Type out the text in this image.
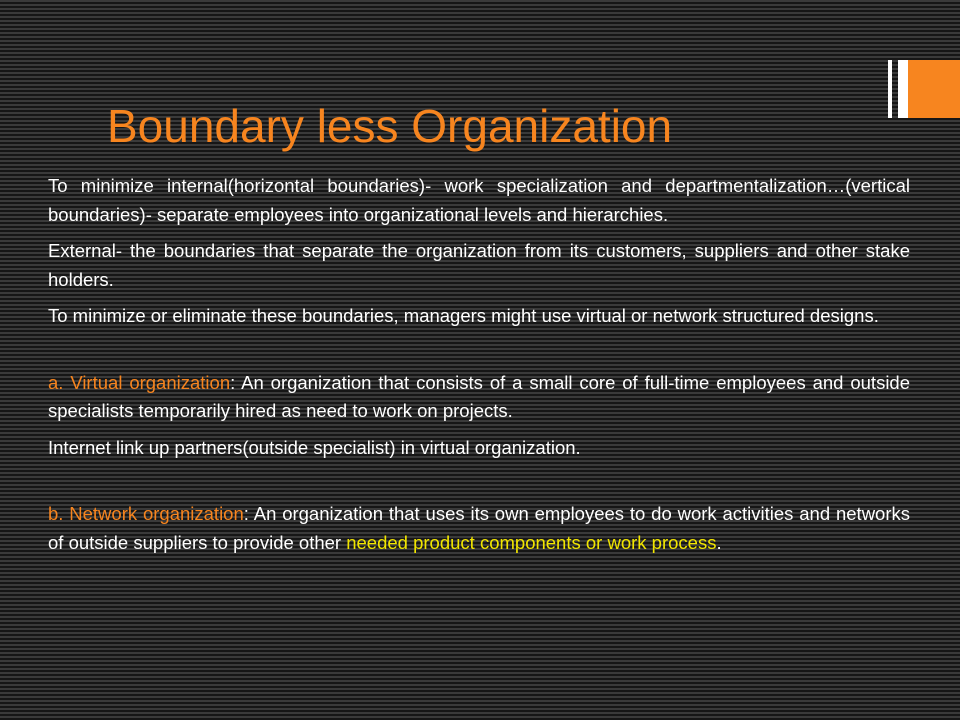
Boundary less Organization

To minimize internal(horizontal boundaries)- work specialization and departmentalization…(vertical boundaries)- separate employees into organizational levels and hierarchies.

External- the boundaries that separate the organization from its customers, suppliers and other stake holders.

To minimize or eliminate these boundaries, managers might use virtual or network structured designs.

a. Virtual organization: An organization that consists of a small core of full-time employees and outside specialists temporarily hired as need to work on projects.

Internet link up partners(outside specialist) in virtual organization.

b. Network organization: An organization that uses its own employees to do work activities and networks of outside suppliers to provide other needed product components or work process.
